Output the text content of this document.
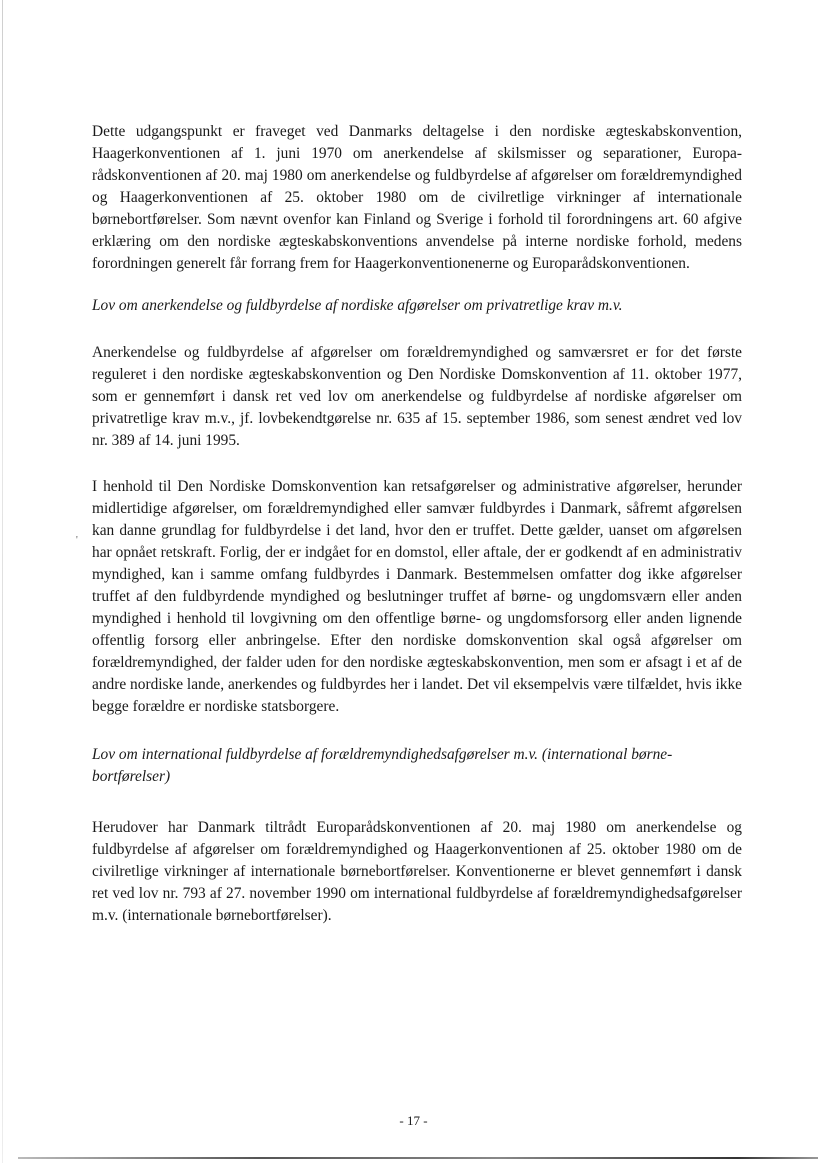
'

Dette udgangspunkt er fraveget ved Danmarks deltagelse i den nordiske ægteskabskonvention, Haagerkonventionen af 1. juni 1970 om anerkendelse af skilsmisser og separationer, Europarådskonventionen af 20. maj 1980 om anerkendelse og fuldbyrdelse af afgørelser om forældremyndighed og Haagerkonventionen af 25. oktober 1980 om de civilretlige virkninger af internationale børnebortførelser. Som nævnt ovenfor kan Finland og Sverige i forhold til forordningens art. 60 afgive erklæring om den nordiske ægteskabskonventions anvendelse på interne nordiske forhold, medens forordningen generelt får forrang frem for Haagerkonventionenerne og Europarådskonventionen.

Lov om anerkendelse og fuldbyrdelse af nordiske afgørelser om privatretlige krav m.v.

Anerkendelse og fuldbyrdelse af afgørelser om forældremyndighed og samværsret er for det første reguleret i den nordiske ægteskabskonvention og Den Nordiske Domskonvention af 11. oktober 1977, som er gennemført i dansk ret ved lov om anerkendelse og fuldbyrdelse af nordiske afgørelser om privatretlige krav m.v., jf. lovbekendtgørelse nr. 635 af 15. september 1986, som senest ændret ved lov nr. 389 af 14. juni 1995.

I henhold til Den Nordiske Domskonvention kan retsafgørelser og administrative afgørelser, herunder midlertidige afgørelser, om forældremyndighed eller samvær fuldbyrdes i Danmark, såfremt afgørelsen kan danne grundlag for fuldbyrdelse i det land, hvor den er truffet. Dette gælder, uanset om afgørelsen har opnået retskraft. Forlig, der er indgået for en domstol, eller aftale, der er godkendt af en administrativ myndighed, kan i samme omfang fuldbyrdes i Danmark. Bestemmelsen omfatter dog ikke afgørelser truffet af den fuldbyrdende myndighed og beslutninger truffet af børne- og ungdomsværn eller anden myndighed i henhold til lovgivning om den offentlige børne- og ungdomsforsorg eller anden lignende offentlig forsorg eller anbringelse. Efter den nordiske domskonvention skal også afgørelser om forældremyndighed, der falder uden for den nordiske ægteskabskonvention, men som er afsagt i et af de andre nordiske lande, anerkendes og fuldbyrdes her i landet. Det vil eksempelvis være tilfældet, hvis ikke begge forældre er nordiske statsborgere.

Lov om international fuldbyrdelse af forældremyndighedsafgørelser m.v. (international børnebortførelser)

Herudover har Danmark tiltrådt Europarådskonventionen af 20. maj 1980 om anerkendelse og fuldbyrdelse af afgørelser om forældremyndighed og Haagerkonventionen af 25. oktober 1980 om de civilretlige virkninger af internationale børnebortførelser. Konventionerne er blevet gennemført i dansk ret ved lov nr. 793 af 27. november 1990 om international fuldbyrdelse af forældremyndighedsafgørelser m.v. (internationale børnebortførelser).

- 17 -
